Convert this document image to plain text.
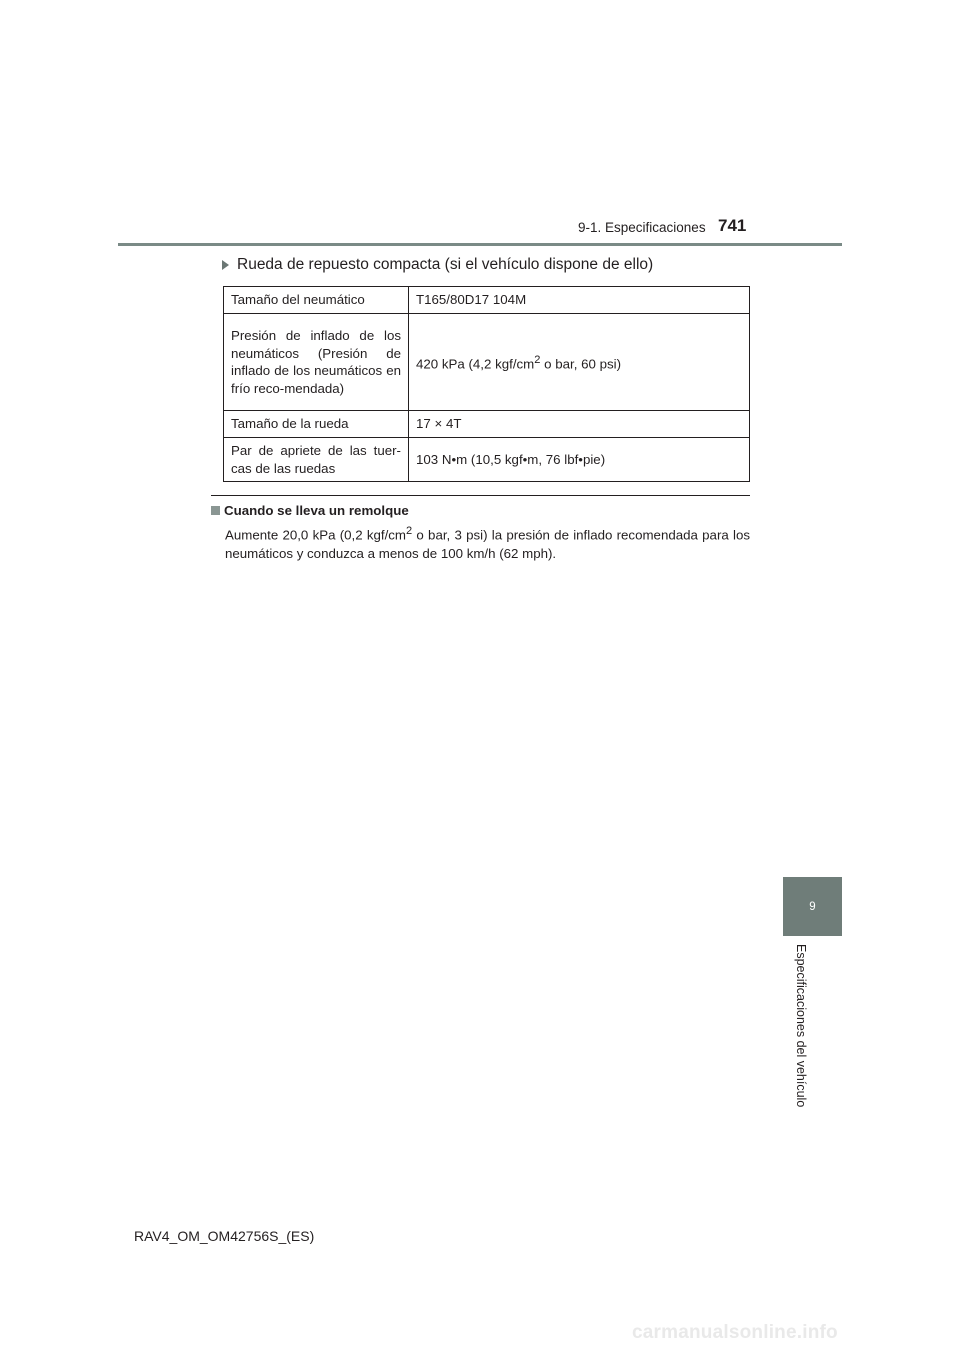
9-1. Especificaciones 741
Rueda de repuesto compacta (si el vehículo dispone de ello)
Tamaño del neumático	T165/80D17 104M
Presión de inflado de los neumáticos (Presión de inflado de los neumáticos en frío reco-mendada)	420 kPa (4,2 kgf/$cm^2$ o bar, 60 psi)
Tamaño de la rueda	17 × 4T
Par de apriete de las tuer-cas de las ruedas	103 N•m (10,5 kgf•m, 76 lbf•pie)
Cuando se lleva un remolque
Aumente 20,0 kPa (0,2 kgf/$cm^2$ o bar, 3 psi) la presión de inflado recomendada para los neumáticos y conduzca a menos de 100 km/h (62 mph).
9
Especificaciones del vehículo
RAV4_OM_OM42756S_(ES)
carmanualsonline.info
